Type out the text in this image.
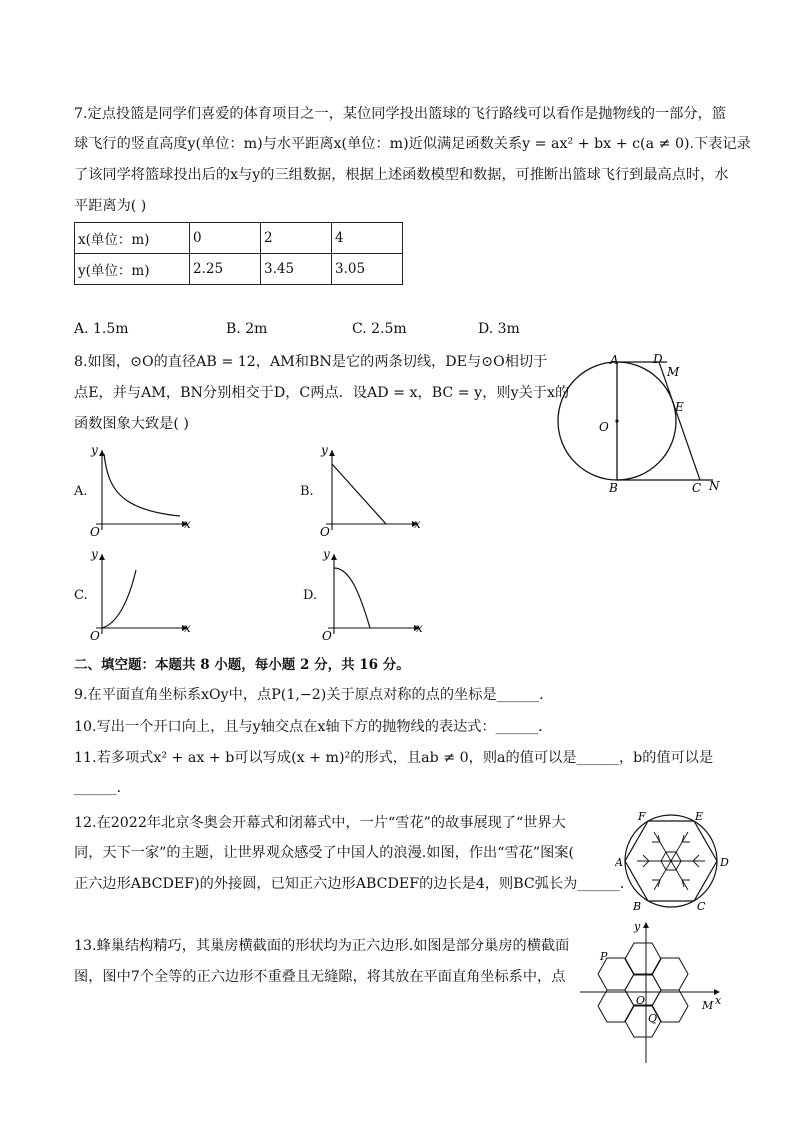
7.定点投篮是同学们喜爱的体育项目之一，某位同学投出篮球的飞行路线可以看作是抛物线的一部分，篮
球飞行的竖直高度y(单位：m)与水平距离x(单位：m)近似满足函数关系y = ax² + bx + c(a ≠ 0).下表记录
了该同学将篮球投出后的x与y的三组数据，根据上述函数模型和数据，可推断出篮球飞行到最高点时，水
平距离为( )
x(单位：m)	0	2	4
y(单位：m)	2.25	3.45	3.05
A. 1.5m	B. 2m	C. 2.5m	D. 3m
8.如图，⊙O的直径AB = 12，AM和BN是它的两条切线，DE与⊙O相切于
点E，并与AM，BN分别相交于D，C两点．设AD = x，BC = y，则y关于x的
函数图象大致是( )
A	D
M
E
O
B	C N
A.
y
x
O
B.
y
x
O
C.
y
x
O
D.
y
x
O
二、填空题：本题共 8 小题，每小题 2 分，共 16 分。
9.在平面直角坐标系xOy中，点P(1,−2)关于原点对称的点的坐标是______．
10.写出一个开口向上，且与y轴交点在x轴下方的抛物线的表达式：______．
11.若多项式x² + ax + b可以写成(x + m)²的形式，且ab ≠ 0，则a的值可以是______，b的值可以是
______．
12.在2022年北京冬奥会开幕式和闭幕式中，一片“雪花”的故事展现了“世界大
同，天下一家”的主题，让世界观众感受了中国人的浪漫.如图，作出“雪花”图案(
正六边形ABCDEF)的外接圆，已知正六边形ABCDEF的边长是4，则BC弧长为______．
F	E
A	D
B	C
13.蜂巢结构精巧，其巢房横截面的形状均为正六边形.如图是部分巢房的横截面
图，图中7个全等的正六边形不重叠且无缝隙，将其放在平面直角坐标系中，点
y
P
O	x
Q
M
